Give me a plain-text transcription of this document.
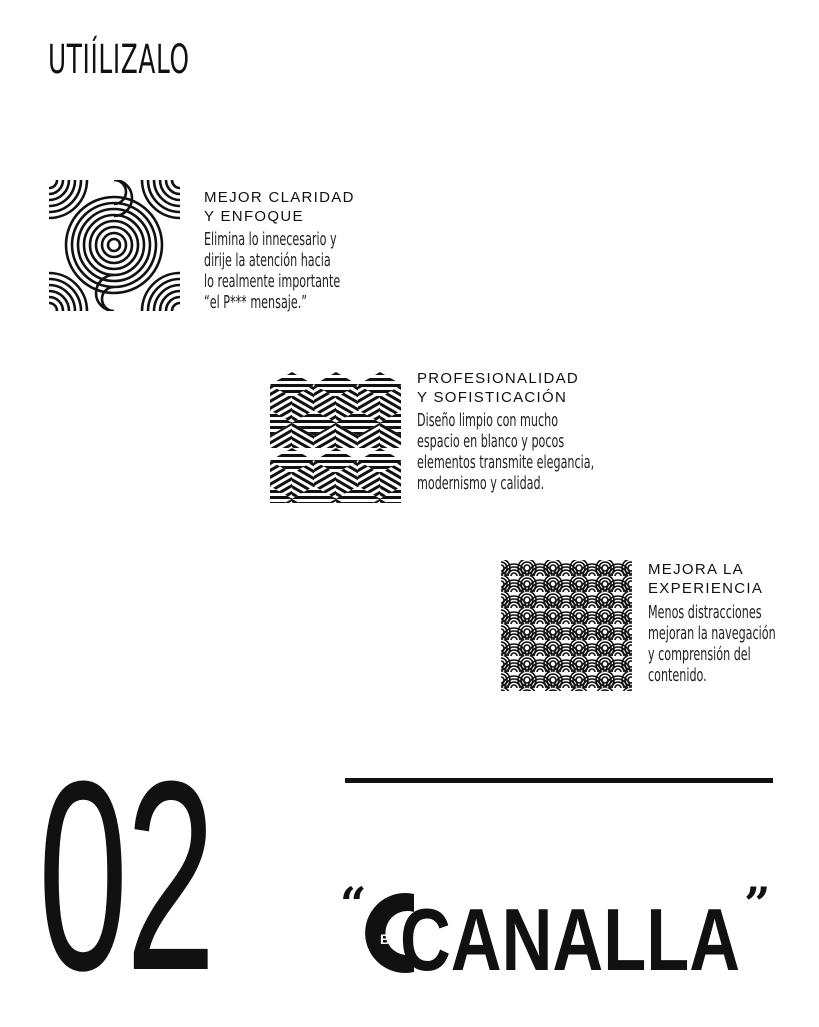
UTIÍLIZALO
MEJOR CLARIDAD
Y ENFOQUE
Elimina lo innecesario y
dirije la atención hacia
lo realmente importante
“el P*** mensaje.”
PROFESIONALIDAD
Y SOFISTICACIÓN
Diseño limpio con mucho
espacio en blanco y pocos
elementos transmite elegancia,
modernismo y calidad.
MEJORA LA
EXPERIENCIA
Menos distracciones
mejoran la navegación
y comprensión del
contenido.
02	“
BY CANALLA ”
